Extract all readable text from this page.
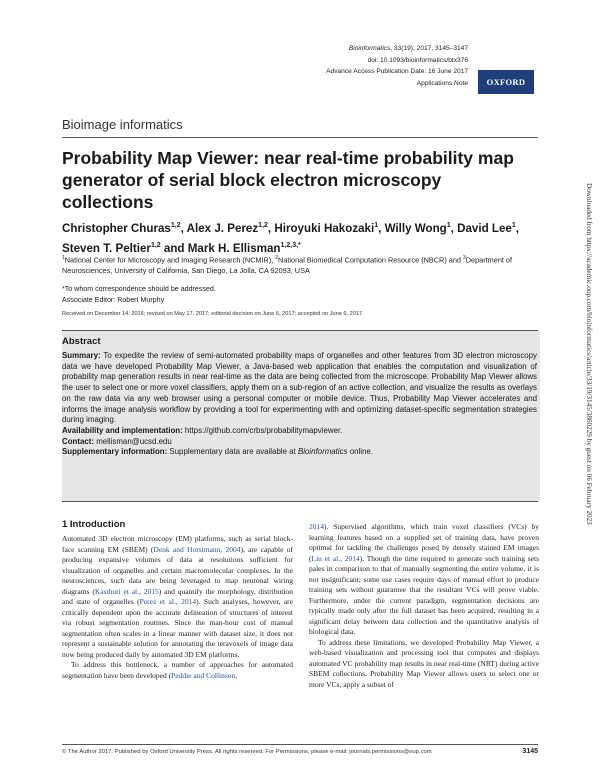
Bioinformatics, 33(19), 2017, 3145–3147
doi: 10.1093/bioinformatics/btx376
Advance Access Publication Date: 16 June 2017
Applications Note	OXFORD
Bioimage informatics
Probability Map Viewer: near real-time probability map generator of serial block electron microscopy collections
Christopher Churas$^{1,2}$, Alex J. Perez$^{1,2}$, Hiroyuki Hakozaki$^1$, Willy Wong$^1$, David Lee$^1$, Steven T. Peltier$^{1,2}$ and Mark H. Ellisman$^{1,2,3,*}$
$^1$National Center for Microscopy and Imaging Research (NCMIR), $^2$National Biomedical Computation Resource (NBCR) and $^3$Department of Neurosciences, University of California, San Diego, La Jolla, CA 92093, USA
*To whom correspondence should be addressed.
Associate Editor: Robert Murphy
Received on December 14, 2016; revised on May 17, 2017; editorial decision on June 6, 2017; accepted on June 6, 2017
Abstract

Summary: To expedite the review of semi-automated probability maps of organelles and other features from 3D electron microscopy data we have developed Probability Map Viewer, a Java-based web application that enables the computation and visualization of probability map generation results in near real-time as the data are being collected from the microscope. Probability Map Viewer allows the user to select one or more voxel classifiers, apply them on a sub-region of an active collection, and visualize the results as overlays on the raw data via any web browser using a personal computer or mobile device. Thus, Probability Map Viewer accelerates and informs the image analysis workflow by providing a tool for experimenting with and optimizing dataset-specific segmentation strategies during imaging.

Availability and implementation: https://github.com/crbs/probabilitymapviewer.

Contact: mellisman@ucsd.edu

Supplementary information: Supplementary data are available at Bioinformatics online.

1 Introduction

Automated 3D electron microscopy (EM) platforms, such as serial block-face scanning EM (SBEM) (Denk and Horstmann, 2004), are capable of producing expansive volumes of data at resolutions sufficient for visualization of organelles and certain macromolecular complexes. In the neurosciences, such data are being leveraged to map neuronal wiring diagrams (Kasthuri et al., 2015) and quantify the morphology, distribution and state of organelles (Perez et al., 2014). Such analyses, however, are critically dependent upon the accurate delineation of structures of interest via robust segmentation routines. Since the man-hour cost of manual segmentation often scales in a linear manner with dataset size, it does not represent a sustainable solution for annotating the teravoxels of image data now being produced daily by automated 3D EM platforms.

To address this bottleneck, a number of approaches for automated segmentation have been developed (Peddie and Collinson,

2014). Supervised algorithms, which train voxel classifiers (VCs) by learning features based on a supplied set of training data, have proven optimal for tackling the challenges posed by densely stained EM images (Liu et al., 2014). Though the time required to generate such training sets pales in comparison to that of manually segmenting the entire volume, it is not insignificant; some use cases require days of manual effort to produce training sets without guarantee that the resultant VCs will prove viable. Furthermore, under the current paradigm, segmentation decisions are typically made only after the full dataset has been acquired, resulting in a significant delay between data collection and the quantitative analysis of biological data.

To address these limitations, we developed Probability Map Viewer, a web-based visualization and processing tool that computes and displays automated VC probability map results in near real-time (NRT) during active SBEM collections. Probability Map Viewer allows users to select one or more VCs, apply a subset of

© The Author 2017. Published by Oxford University Press. All rights reserved. For Permissions, please e-mail: journals.permissions@oup.com	3145
Downloaded from https://academic.oup.com/bioinformatics/article/33/19/3145/3860229 by guest on 06 February 2023
